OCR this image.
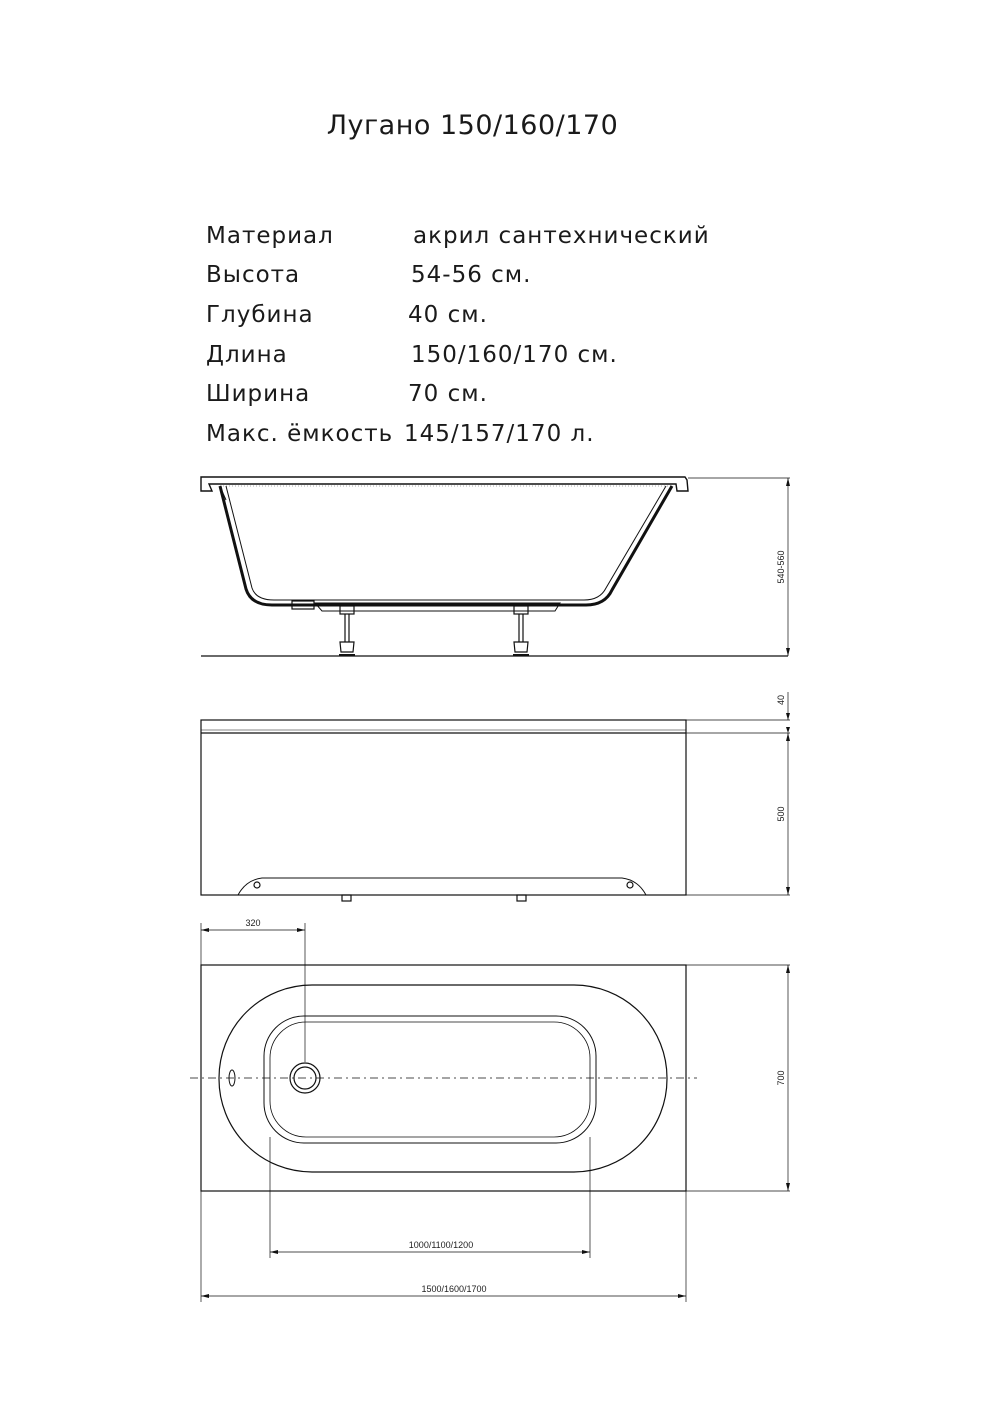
Лугано 150/160/170
Материал	акрил сантехнический
Высота	54-56 см.
Глубина	40 см.
Длина	150/160/170 см.
Ширина	70 см.
Макс. ёмкость 145/157/170 л.
540-560
40
500
320
700
1000/1100/1200
1500/1600/1700
